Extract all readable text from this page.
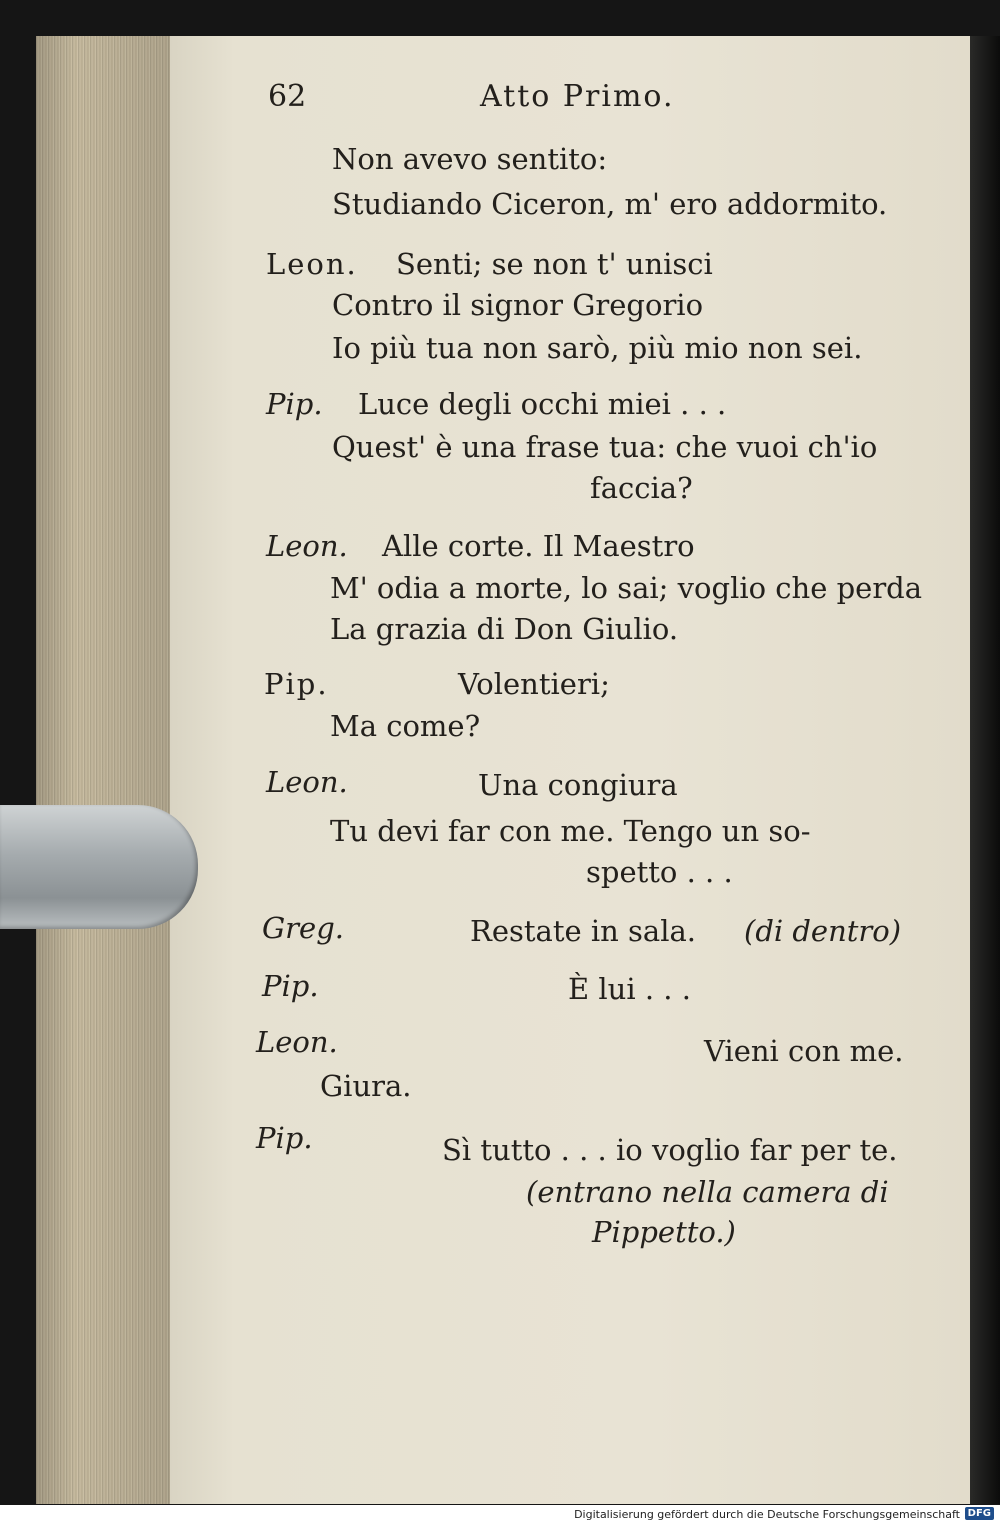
62	Atto Primo.
Non avevo sentito:
Studiando Ciceron, m' ero addormito.
Leon. Senti; se non t' unisci
Contro il signor Gregorio
Io più tua non sarò, più mio non sei.
Pip. Luce degli occhi miei . . .
Quest' è una frase tua: che vuoi ch'io
faccia?
Leon. Alle corte. Il Maestro
M' odia a morte, lo sai; voglio che perda
La grazia di Don Giulio.
Pip.	Volentieri;
Ma come?
Leon.	Una congiura
Tu devi far con me. Tengo un so-
spetto . . .
Greg.	Restate in sala. (di dentro)
Pip.	È lui . . .
Leon.	Vieni con me.
Giura.
Pip.	Sì tutto . . . io voglio far per te.
(entrano nella camera di
Pippetto.)
Digitalisierung gefördert durch die Deutsche Forschungsgemeinschaft DFG
